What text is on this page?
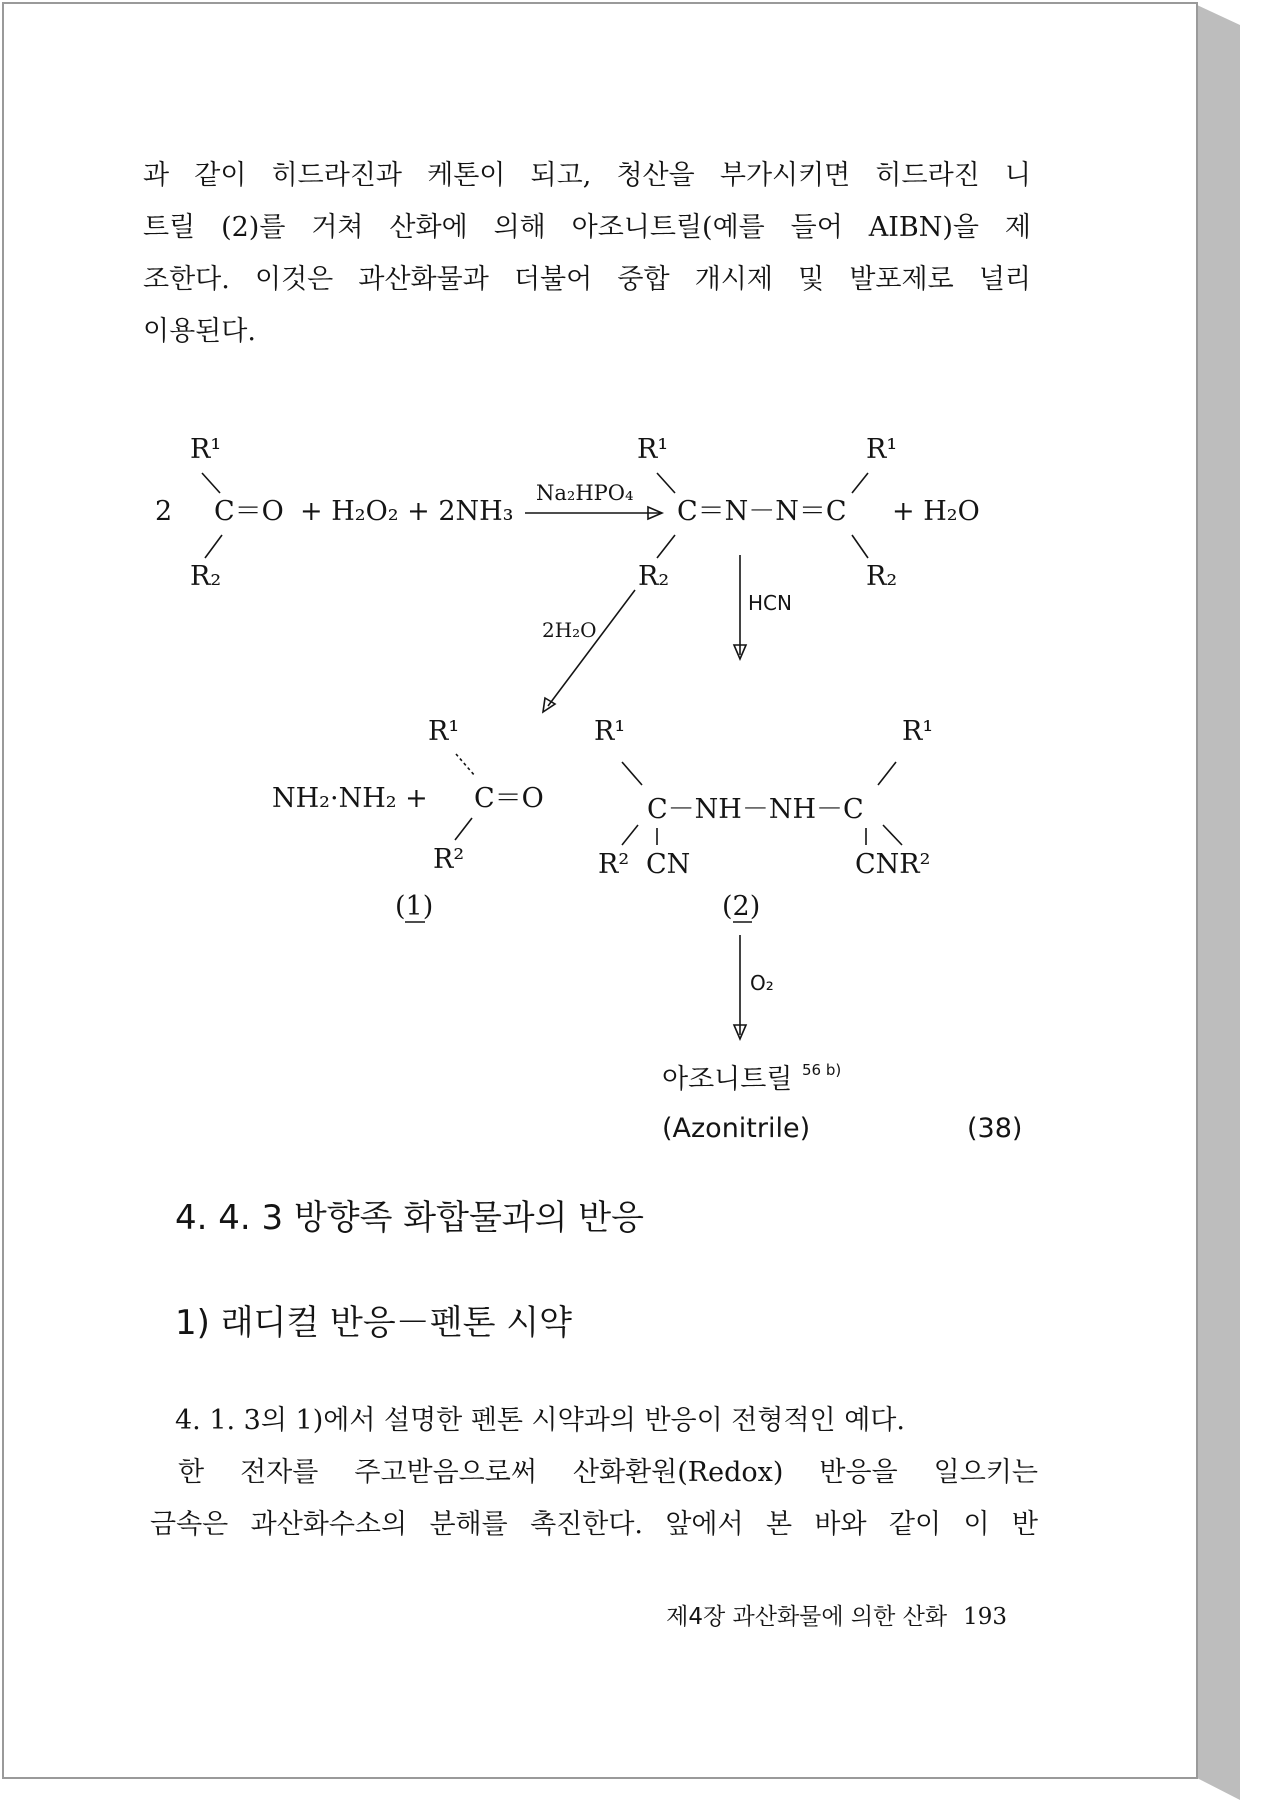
과 같이 히드라진과 케톤이 되고, 청산을 부가시키면 히드라진 니
트릴 (2)를 거쳐 산화에 의해 아조니트릴(예를 들어 AIBN)을 제
조한다. 이것은 과산화물과 더불어 중합 개시제 및 발포제로 널리
이용된다.
R¹
2 C＝O + H₂O₂ + 2NH₃
R₂
Na₂HPO₄
R¹
C＝N－N＝C
R₂
R¹
R₂
+ H₂O
HCN
2H₂O
R¹
NH₂·NH₂ + C＝O
R²
(1)
R¹
C－NH－NH－C
R¹
R² CN	CNR²
(2)
O₂
아조니트릴 56 b)
(Azonitrile)	(38)
4. 4. 3 방향족 화합물과의 반응
1) 래디컬 반응－펜톤 시약
4. 1. 3의 1)에서 설명한 펜톤 시약과의 반응이 전형적인 예다.
한 전자를 주고받음으로써 산화환원(Redox) 반응을 일으키는
금속은 과산화수소의 분해를 촉진한다. 앞에서 본 바와 같이 이 반
제4장 과산화물에 의한 산화 193
